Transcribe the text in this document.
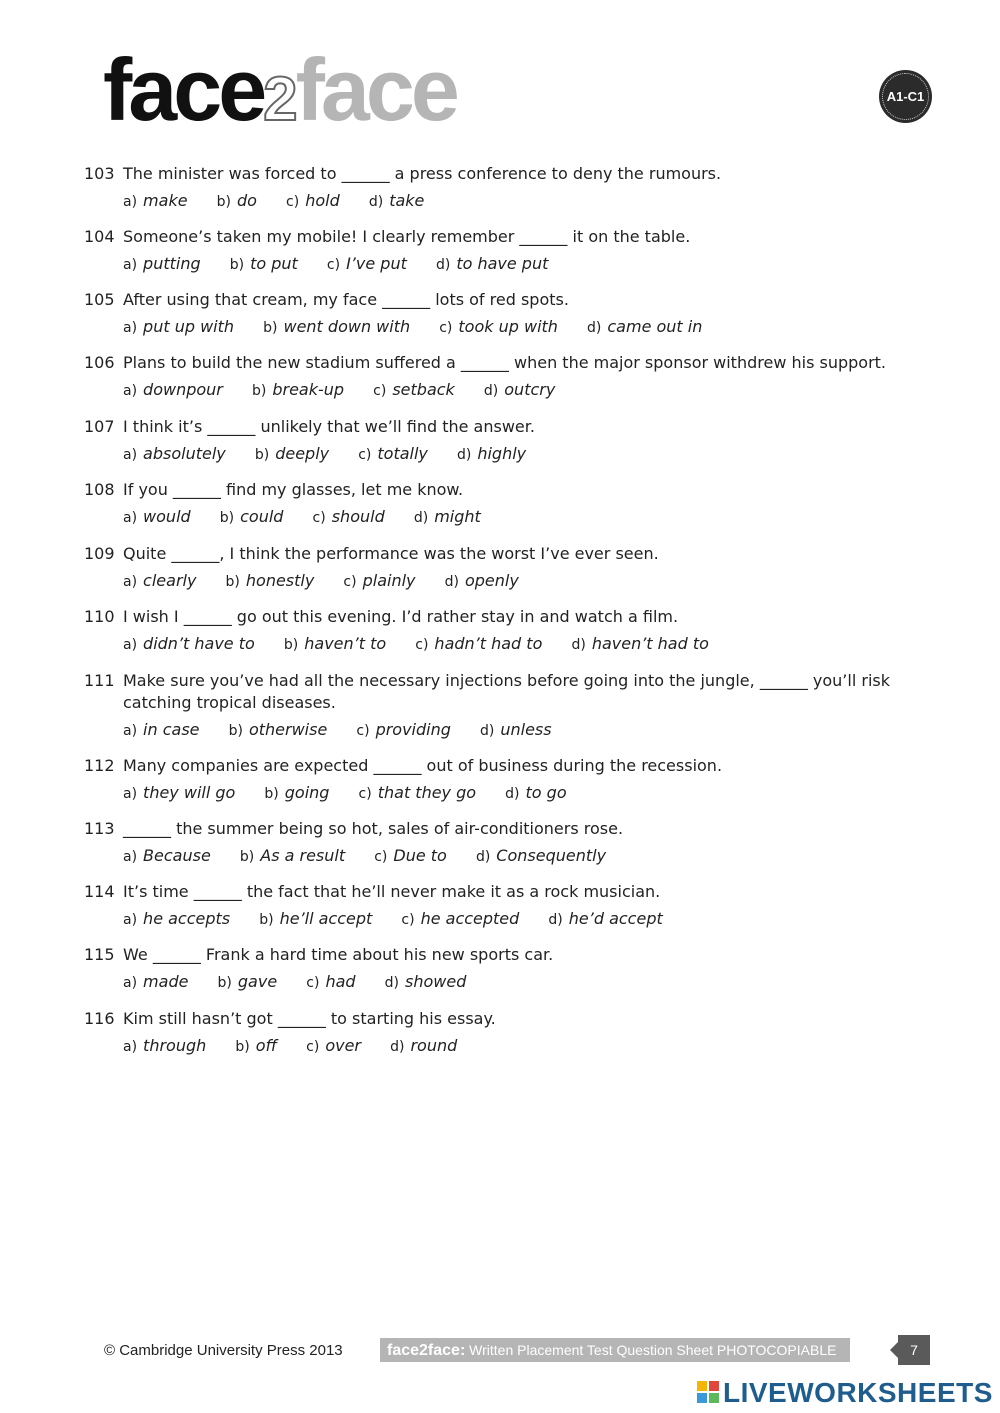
face2face	A1-C1
103 The minister was forced to ______ a press conference to deny the rumours.
a) make b) do c) hold d) take
104 Someone’s taken my mobile! I clearly remember ______ it on the table.
a) putting b) to put c) I’ve put d) to have put
105 After using that cream, my face ______ lots of red spots.
a) put up with b) went down with c) took up with d) came out in
106 Plans to build the new stadium suffered a ______ when the major sponsor withdrew his support.
a) downpour b) break-up c) setback d) outcry
107 I think it’s ______ unlikely that we’ll find the answer.
a) absolutely b) deeply c) totally d) highly
108 If you ______ find my glasses, let me know.
a) would b) could c) should d) might
109 Quite ______, I think the performance was the worst I’ve ever seen.
a) clearly b) honestly c) plainly d) openly
110 I wish I ______ go out this evening. I’d rather stay in and watch a film.
a) didn’t have to b) haven’t to c) hadn’t had to d) haven’t had to
111 Make sure you’ve had all the necessary injections before going into the jungle, ______ you’ll risk catching tropical diseases.
a) in case b) otherwise c) providing d) unless
112 Many companies are expected ______ out of business during the recession.
a) they will go b) going c) that they go d) to go
113 ______ the summer being so hot, sales of air-conditioners rose.
a) Because b) As a result c) Due to d) Consequently
114 It’s time ______ the fact that he’ll never make it as a rock musician.
a) he accepts b) he’ll accept c) he accepted d) he’d accept
115 We ______ Frank a hard time about his new sports car.
a) made b) gave c) had d) showed
116 Kim still hasn’t got ______ to starting his essay.
a) through b) off c) over d) round
© Cambridge University Press 2013	face2face: Written Placement Test Question Sheet PHOTOCOPIABLE	7
LIVEWORKSHEETS
